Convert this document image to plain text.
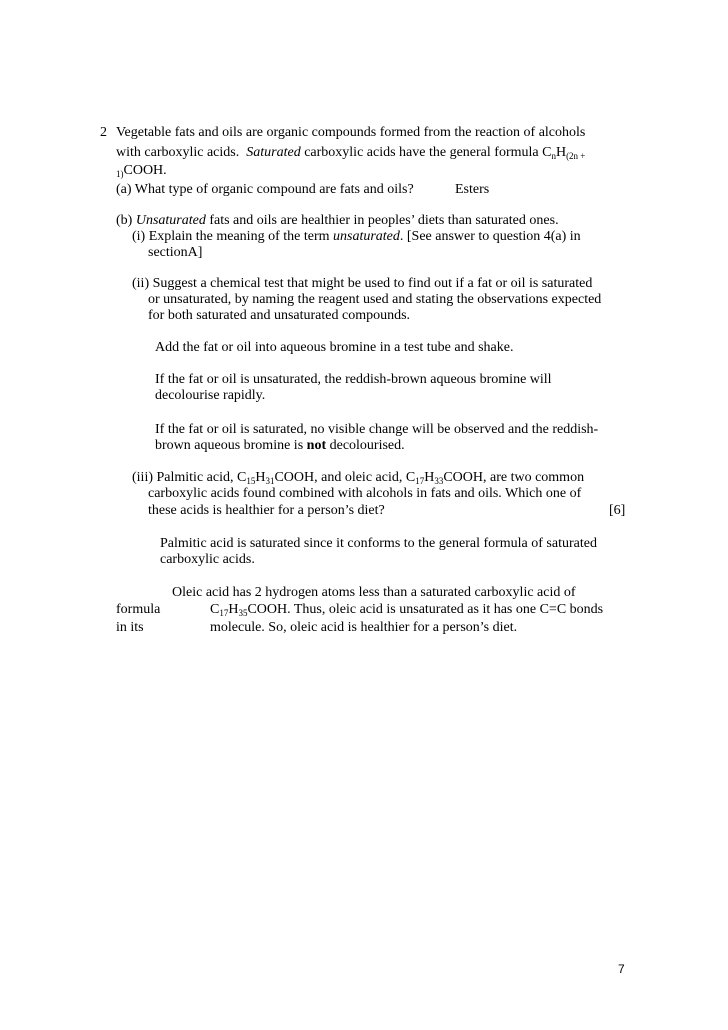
2 Vegetable fats and oils are organic compounds formed from the reaction of alcohols
with carboxylic acids. Saturated carboxylic acids have the general formula $C_nH_{(2n +}$
$_{1)}$COOH.
(a) What type of organic compound are fats and oils?	Esters
(b) Unsaturated fats and oils are healthier in peoples’ diets than saturated ones.
(i) Explain the meaning of the term unsaturated. [See answer to question 4(a) in
sectionA]
(ii) Suggest a chemical test that might be used to find out if a fat or oil is saturated
or unsaturated, by naming the reagent used and stating the observations expected
for both saturated and unsaturated compounds.
Add the fat or oil into aqueous bromine in a test tube and shake.
If the fat or oil is unsaturated, the reddish-brown aqueous bromine will
decolourise rapidly.
If the fat or oil is saturated, no visible change will be observed and the reddish-
brown aqueous bromine is not decolourised.
(iii) Palmitic acid, $C_{15}H_{31}COOH$, and oleic acid, $C_{17}H_{33}COOH$, are two common
carboxylic acids found combined with alcohols in fats and oils. Which one of
these acids is healthier for a person’s diet?	[6]
Palmitic acid is saturated since it conforms to the general formula of saturated
carboxylic acids.
Oleic acid has 2 hydrogen atoms less than a saturated carboxylic acid of
formula	$C_{17}H_{35}COOH$. Thus, oleic acid is unsaturated as it has one C=C bonds
in its	molecule. So, oleic acid is healthier for a person’s diet.
7
